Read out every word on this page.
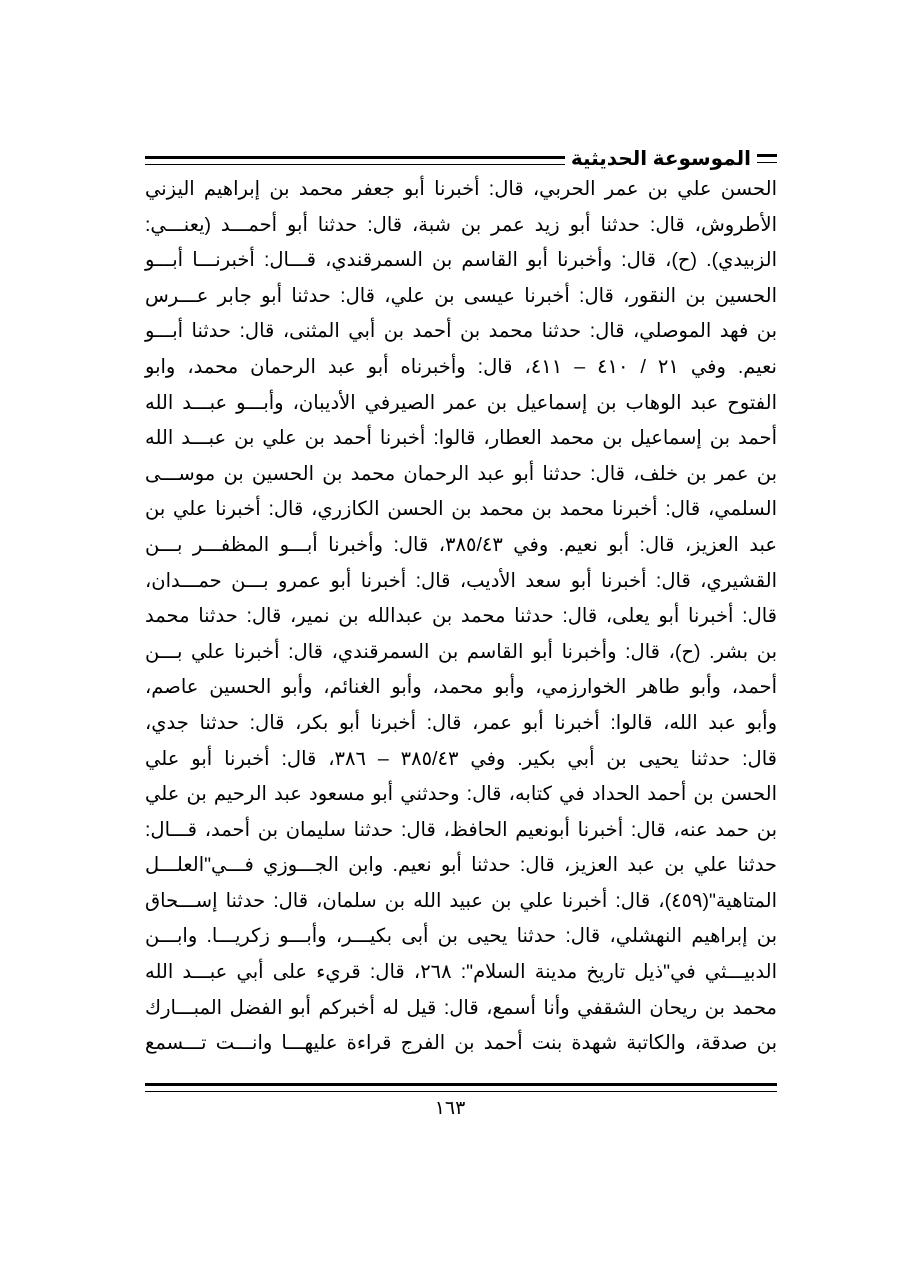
الموسوعة الحديثية
الحسن علي بن عمر الحربي، قال: أخبرنا أبو جعفر محمد بن إبراهيم اليزني
الأطروش، قال: حدثنا أبو زيد عمر بن شبة، قال: حدثنا أبو أحمـــد (يعنـــي:
الزبيدي). (ح)، قال: وأخبرنا أبو القاسم بن السمرقندي، قـــال: أخبرنـــا أبـــو
الحسين بن النقور، قال: أخبرنا عيسى بن علي، قال: حدثنا أبو جابر عـــرس
بن فهد الموصلي، قال: حدثنا محمد بن أحمد بن أبي المثنى، قال: حدثنا أبـــو
نعيم. وفي ٢١ / ٤١٠ – ٤١١، قال: وأخبرناه أبو عبد الرحمان محمد، وابو
الفتوح عبد الوهاب بن إسماعيل بن عمر الصيرفي الأديبان، وأبـــو عبـــد الله
أحمد بن إسماعيل بن محمد العطار، قالوا: أخبرنا أحمد بن علي بن عبـــد الله
بن عمر بن خلف، قال: حدثنا أبو عبد الرحمان محمد بن الحسين بن موســـى
السلمي، قال: أخبرنا محمد بن محمد بن الحسن الكازري، قال: أخبرنا علي بن
عبد العزيز، قال: أبو نعيم. وفي ٣٨٥/٤٣، قال: وأخبرنا أبـــو المظفـــر بـــن
القشيري، قال: أخبرنا أبو سعد الأديب، قال: أخبرنا أبو عمرو بـــن حمـــدان،
قال: أخبرنا أبو يعلى، قال: حدثنا محمد بن عبدالله بن نمير، قال: حدثنا محمد
بن بشر. (ح)، قال: وأخبرنا أبو القاسم بن السمرقندي، قال: أخبرنا علي بـــن
أحمد، وأبو طاهر الخوارزمي، وأبو محمد، وأبو الغنائم، وأبو الحسين عاصم،
وأبو عبد الله، قالوا: أخبرنا أبو عمر، قال: أخبرنا أبو بكر، قال: حدثنا جدي،
قال: حدثنا يحيى بن أبي بكير. وفي ٣٨٥/٤٣ – ٣٨٦، قال: أخبرنا أبو علي
الحسن بن أحمد الحداد في كتابه، قال: وحدثني أبو مسعود عبد الرحيم بن علي
بن حمد عنه، قال: أخبرنا أبونعيم الحافظ، قال: حدثنا سليمان بن أحمد، قـــال:
حدثنا علي بن عبد العزيز، قال: حدثنا أبو نعيم. وابن الجـــوزي فـــي"العلـــل
المتاهية"(٤٥٩)، قال: أخبرنا علي بن عبيد الله بن سلمان، قال: حدثنا إســـحاق
بن إبراهيم النهشلي، قال: حدثنا يحيى بن أبى بكيـــر، وأبـــو زكريـــا. وابـــن
الدبيـــثي في"ذيل تاريخ مدينة السلام": ٢٦٨، قال: قريء على أبي عبـــد الله
محمد بن ريحان الشقفي وأنا أسمع، قال: قيل له أخبركم أبو الفضل المبـــارك
بن صدقة، والكاتبة شهدة بنت أحمد بن الفرج قراءة عليهـــا وانـــت تـــسمع
١٦٣
